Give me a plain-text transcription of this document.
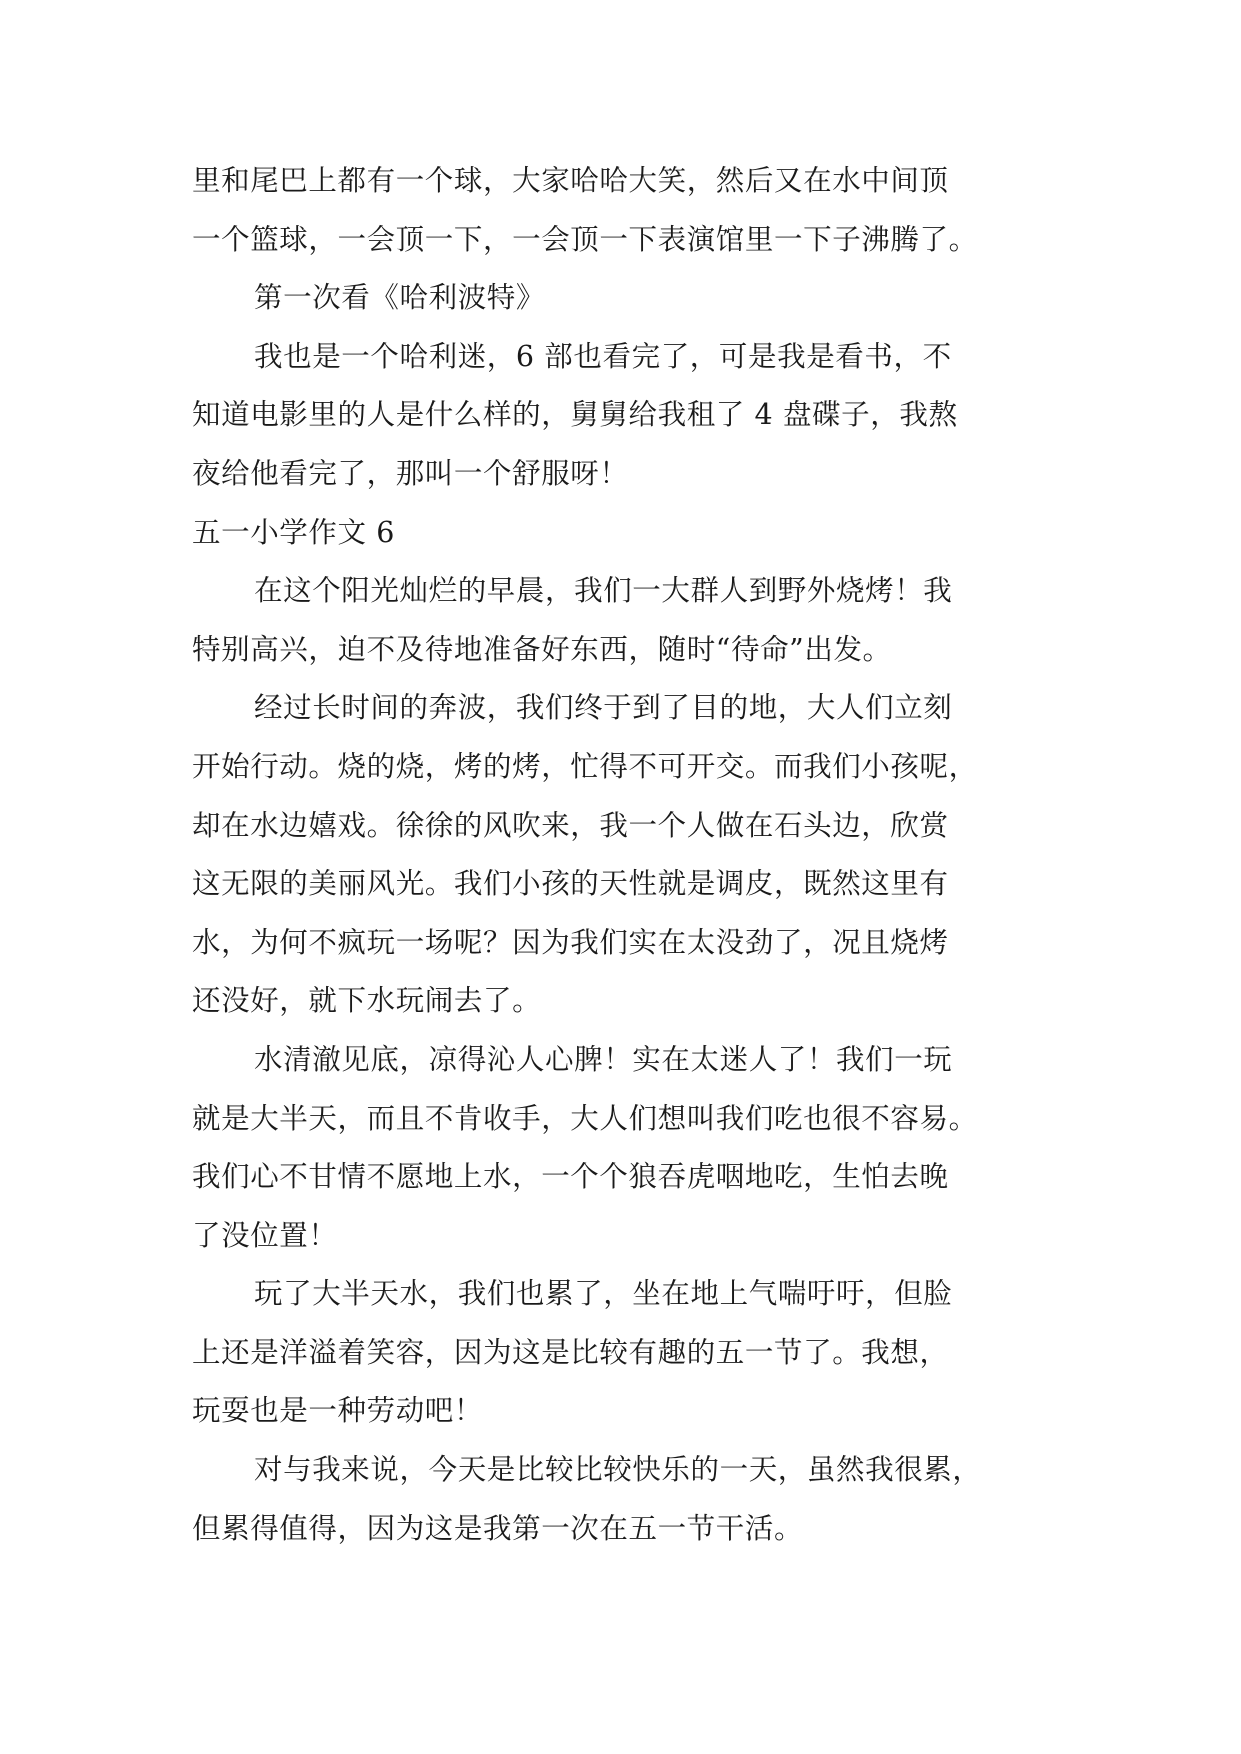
里和尾巴上都有一个球，大家哈哈大笑，然后又在水中间顶
一个篮球，一会顶一下，一会顶一下表演馆里一下子沸腾了。
第一次看《哈利波特》
我也是一个哈利迷，6 部也看完了，可是我是看书，不
知道电影里的人是什么样的，舅舅给我租了 4 盘碟子，我熬
夜给他看完了，那叫一个舒服呀！
五一小学作文 6
在这个阳光灿烂的早晨，我们一大群人到野外烧烤！我
特别高兴，迫不及待地准备好东西，随时“待命”出发。
经过长时间的奔波，我们终于到了目的地，大人们立刻
开始行动。烧的烧，烤的烤，忙得不可开交。而我们小孩呢，
却在水边嬉戏。徐徐的风吹来，我一个人做在石头边，欣赏
这无限的美丽风光。我们小孩的天性就是调皮，既然这里有
水，为何不疯玩一场呢？因为我们实在太没劲了，况且烧烤
还没好，就下水玩闹去了。
水清澈见底，凉得沁人心脾！实在太迷人了！我们一玩
就是大半天，而且不肯收手，大人们想叫我们吃也很不容易。
我们心不甘情不愿地上水，一个个狼吞虎咽地吃，生怕去晚
了没位置！
玩了大半天水，我们也累了，坐在地上气喘吁吁，但脸
上还是洋溢着笑容，因为这是比较有趣的五一节了。我想，
玩耍也是一种劳动吧！
对与我来说，今天是比较比较快乐的一天，虽然我很累，
但累得值得，因为这是我第一次在五一节干活。
